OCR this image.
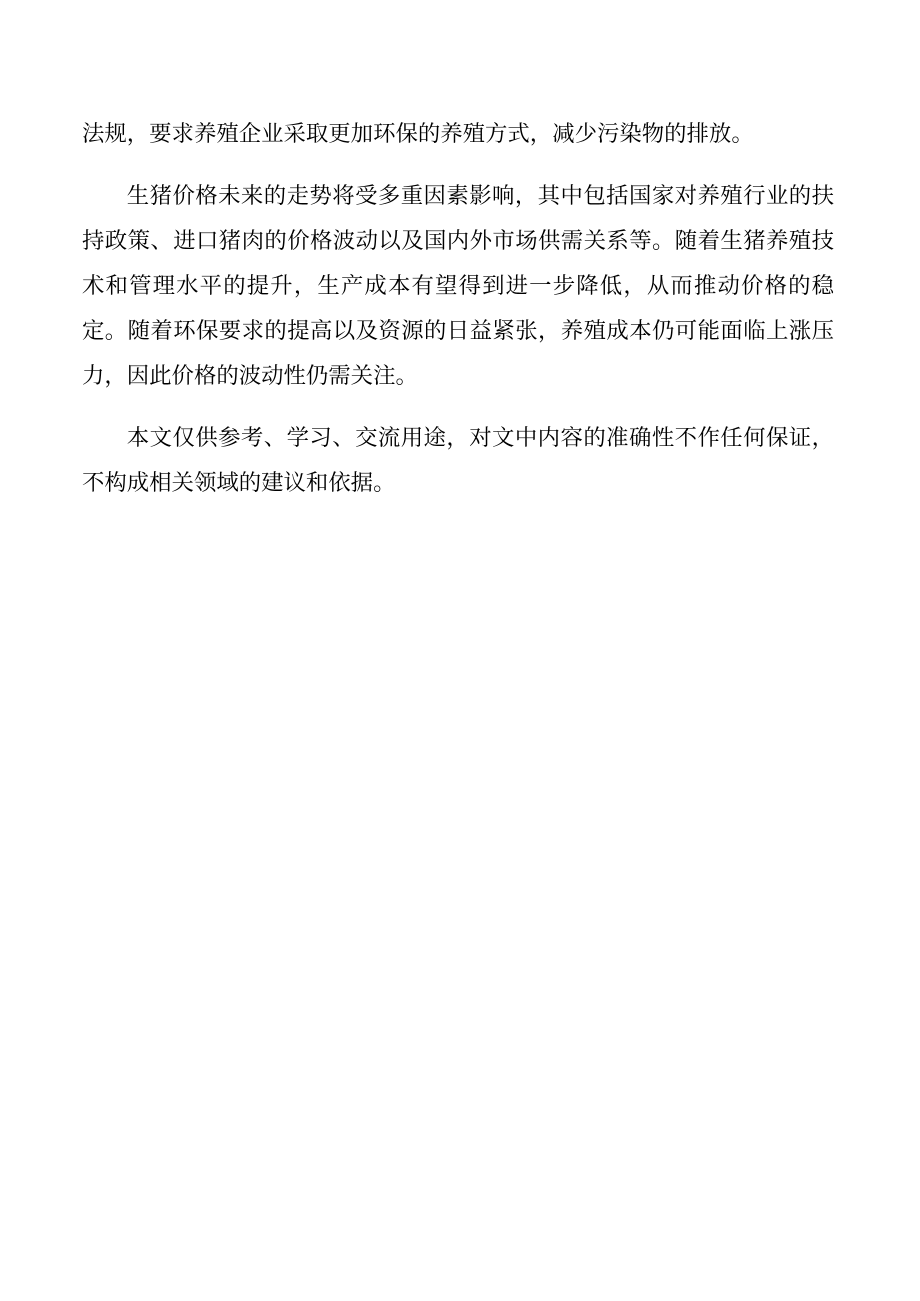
法规，要求养殖企业采取更加环保的养殖方式，减少污染物的排放。

生猪价格未来的走势将受多重因素影响，其中包括国家对养殖行业的扶持政策、进口猪肉的价格波动以及国内外市场供需关系等。随着生猪养殖技术和管理水平的提升，生产成本有望得到进一步降低，从而推动价格的稳定。随着环保要求的提高以及资源的日益紧张，养殖成本仍可能面临上涨压力，因此价格的波动性仍需关注。

本文仅供参考、学习、交流用途，对文中内容的准确性不作任何保证，不构成相关领域的建议和依据。
